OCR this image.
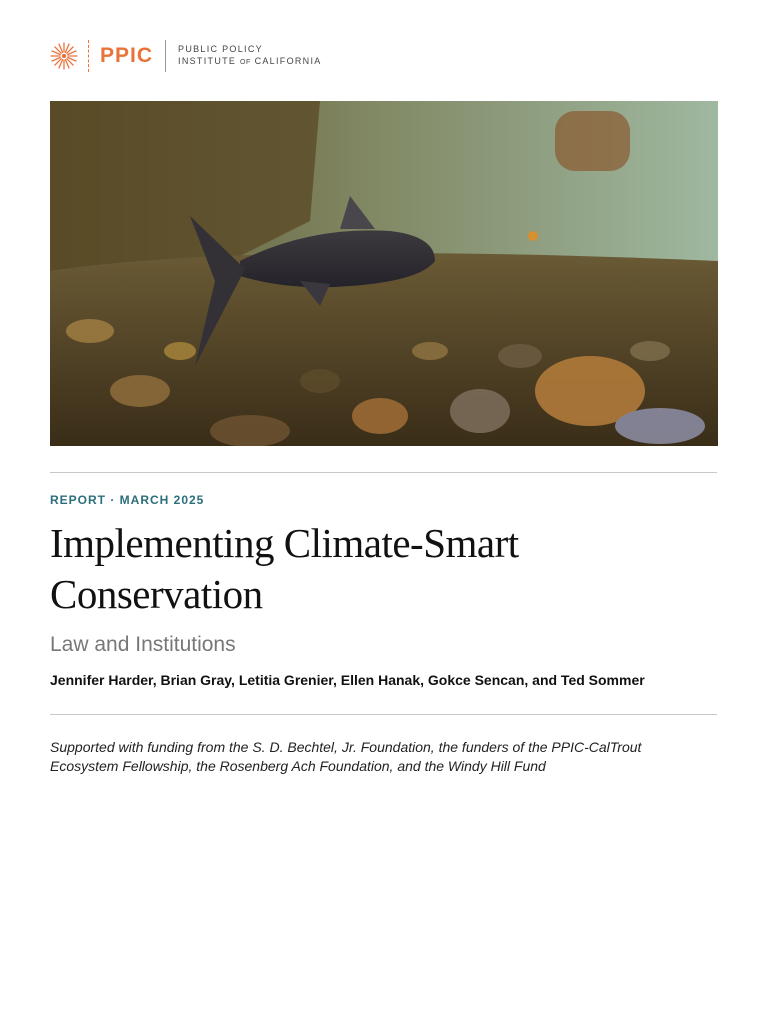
PPIC	PUBLIC POLICY
INSTITUTE OF CALIFORNIA
REPORT · MARCH 2025
Implementing Climate-Smart Conservation
Law and Institutions
Jennifer Harder, Brian Gray, Letitia Grenier, Ellen Hanak, Gokce Sencan, and Ted Sommer
Supported with funding from the S. D. Bechtel, Jr. Foundation, the funders of the PPIC-CalTrout Ecosystem Fellowship, the Rosenberg Ach Foundation, and the Windy Hill Fund
